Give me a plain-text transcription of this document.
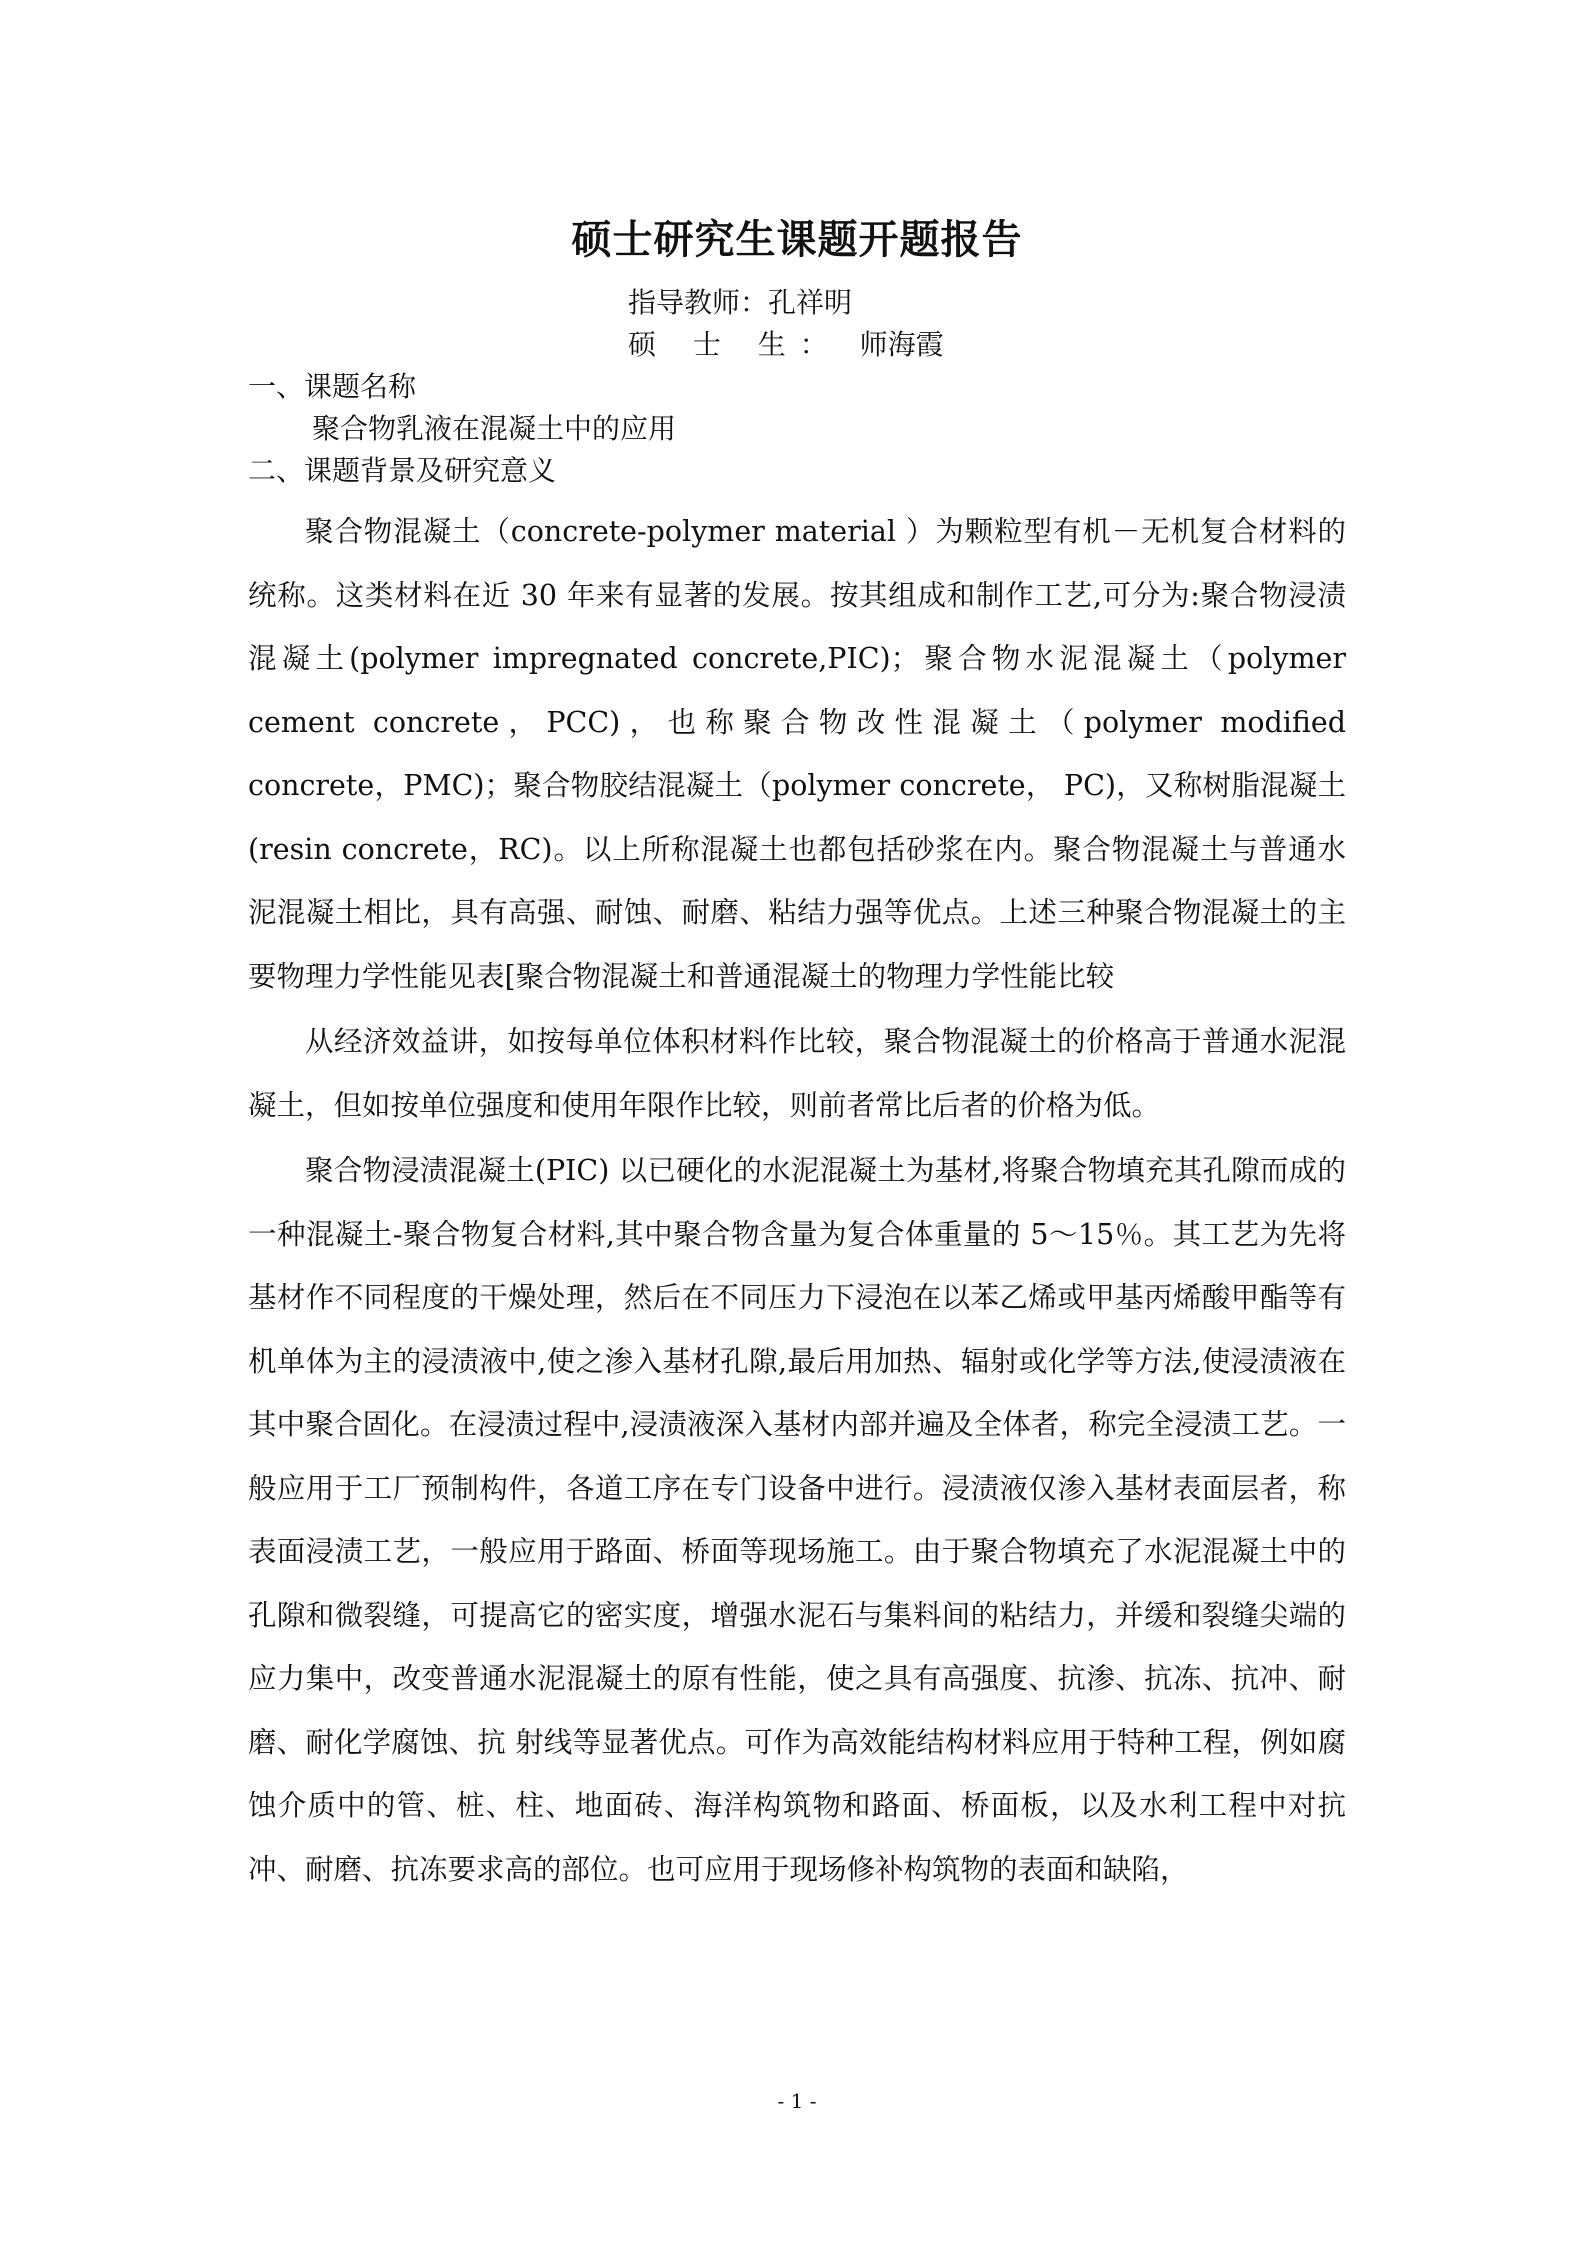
硕士研究生课题开题报告
指导教师：孔祥明
硕 士 生： 师海霞
一、课题名称
聚合物乳液在混凝土中的应用
二、课题背景及研究意义

聚合物混凝土（concrete-polymer material ）为颗粒型有机－无机复合材料的统称。这类材料在近 30 年来有显著的发展。按其组成和制作工艺,可分为:聚合物浸渍混凝土(polymer impregnated concrete,PIC)；聚合物水泥混凝土（polymer cement concrete，PCC)，也称聚合物改性混凝土（polymer modified concrete，PMC)；聚合物胶结混凝土（polymer concrete， PC)，又称树脂混凝土(resin concrete，RC)。以上所称混凝土也都包括砂浆在内。聚合物混凝土与普通水泥混凝土相比，具有高强、耐蚀、耐磨、粘结力强等优点。上述三种聚合物混凝土的主要物理力学性能见表[聚合物混凝土和普通混凝土的物理力学性能比较

从经济效益讲，如按每单位体积材料作比较，聚合物混凝土的价格高于普通水泥混凝土，但如按单位强度和使用年限作比较，则前者常比后者的价格为低。

聚合物浸渍混凝土(PIC) 以已硬化的水泥混凝土为基材,将聚合物填充其孔隙而成的一种混凝土-聚合物复合材料,其中聚合物含量为复合体重量的 5～15％。其工艺为先将基材作不同程度的干燥处理，然后在不同压力下浸泡在以苯乙烯或甲基丙烯酸甲酯等有机单体为主的浸渍液中,使之渗入基材孔隙,最后用加热、辐射或化学等方法,使浸渍液在其中聚合固化。在浸渍过程中,浸渍液深入基材内部并遍及全体者，称完全浸渍工艺。一般应用于工厂预制构件，各道工序在专门设备中进行。浸渍液仅渗入基材表面层者，称表面浸渍工艺，一般应用于路面、桥面等现场施工。由于聚合物填充了水泥混凝土中的孔隙和微裂缝，可提高它的密实度，增强水泥石与集料间的粘结力，并缓和裂缝尖端的应力集中，改变普通水泥混凝土的原有性能，使之具有高强度、抗渗、抗冻、抗冲、耐磨、耐化学腐蚀、抗 射线等显著优点。可作为高效能结构材料应用于特种工程，例如腐蚀介质中的管、桩、柱、地面砖、海洋构筑物和路面、桥面板，以及水利工程中对抗冲、耐磨、抗冻要求高的部位。也可应用于现场修补构筑物的表面和缺陷，

- 1 -
